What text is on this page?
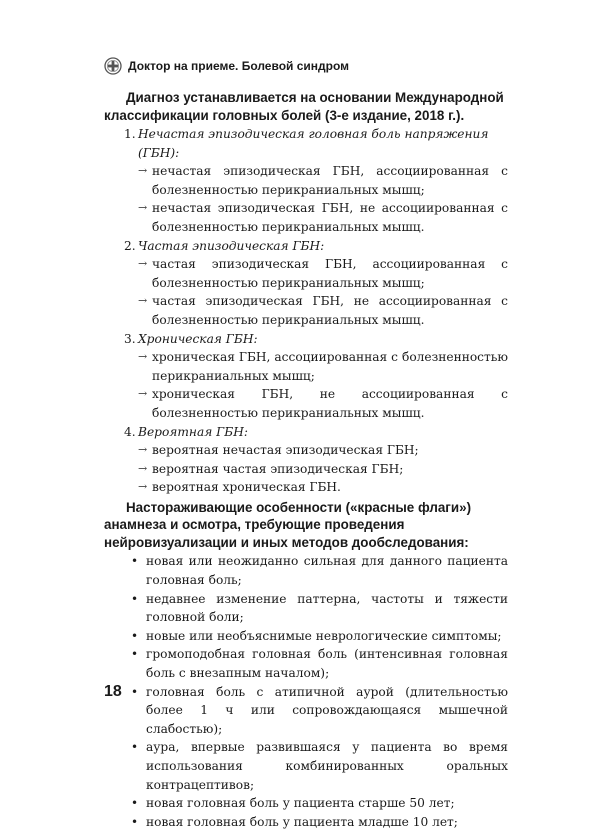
Доктор на приеме. Болевой синдром
Диагноз устанавливается на основании Международной классификации головных болей (3-е издание, 2018 г.).
1. Нечастая эпизодическая головная боль напряжения (ГБН):
→ нечастая эпизодическая ГБН, ассоциированная с болезненностью перикраниальных мышц;
→ нечастая эпизодическая ГБН, не ассоциированная с болезненностью перикраниальных мышц.
2. Частая эпизодическая ГБН:
→ частая эпизодическая ГБН, ассоциированная с болезненностью перикраниальных мышц;
→ частая эпизодическая ГБН, не ассоциированная с болезненностью перикраниальных мышц.
3. Хроническая ГБН:
→ хроническая ГБН, ассоциированная с болезненностью перикраниальных мышц;
→ хроническая ГБН, не ассоциированная с болезненностью перикраниальных мышц.
4. Вероятная ГБН:
→ вероятная нечастая эпизодическая ГБН;
→ вероятная частая эпизодическая ГБН;
→ вероятная хроническая ГБН.
Настораживающие особенности («красные флаги») анамнеза и осмотра, требующие проведения нейровизуализации и иных методов дообследования:
• новая или неожиданно сильная для данного пациента головная боль;
• недавнее изменение паттерна, частоты и тяжести головной боли;
• новые или необъяснимые неврологические симптомы;
• громоподобная головная боль (интенсивная головная боль с внезапным началом);
• головная боль с атипичной аурой (длительностью более 1 ч или сопровождающаяся мышечной слабостью);
• аура, впервые развившаяся у пациента во время использования комбинированных оральных контрацептивов;
• новая головная боль у пациента старше 50 лет;
• новая головная боль у пациента младше 10 лет;
18
